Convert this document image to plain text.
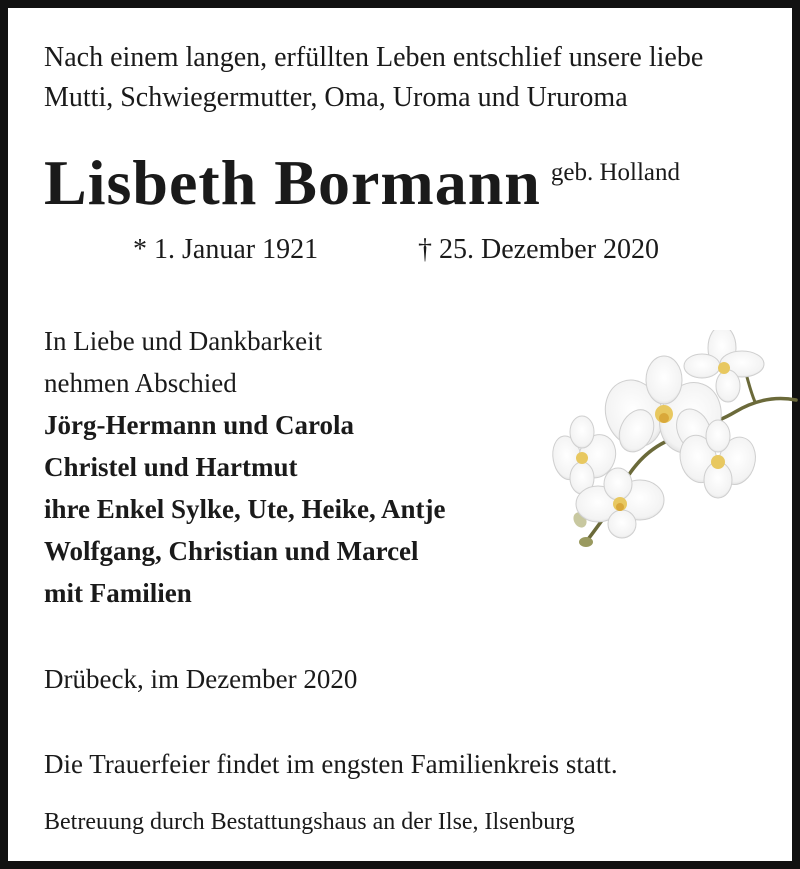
Nach einem langen, erfüllten Leben entschlief unsere liebe
Mutti, Schwiegermutter, Oma, Uroma und Ururoma

Lisbeth Bormann geb. Holland
* 1. Januar 1921	† 25. Dezember 2020
In Liebe und Dankbarkeit
nehmen Abschied
Jörg-Hermann und Carola
Christel und Hartmut
ihre Enkel Sylke, Ute, Heike, Antje
Wolfgang, Christian und Marcel
mit Familien
Drübeck, im Dezember 2020
Die Trauerfeier findet im engsten Familienkreis statt.
Betreuung durch Bestattungshaus an der Ilse, Ilsenburg
